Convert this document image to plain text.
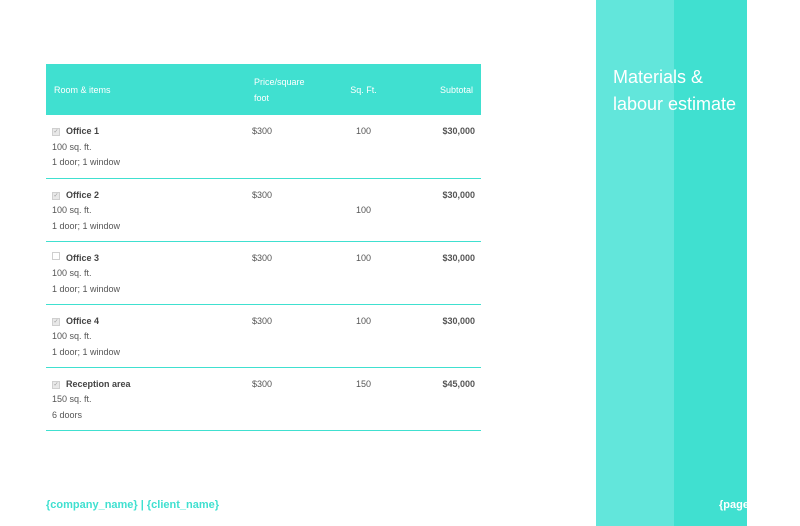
Materials &
labour estimate
{page_number}
Room & items	Price/square foot	Sq. Ft.	Subtotal
✓ Office 1
100 sq. ft.
1 door; 1 window	$300	100	$30,000
✓ Office 2
100 sq. ft.
1 door; 1 window	$300	100	$30,000
Office 3
100 sq. ft.
1 door; 1 window	$300	100	$30,000
✓ Office 4
100 sq. ft.
1 door; 1 window	$300	100	$30,000
✓ Reception area
150 sq. ft.
6 doors	$300	150	$45,000
{company_name} | {client_name}
